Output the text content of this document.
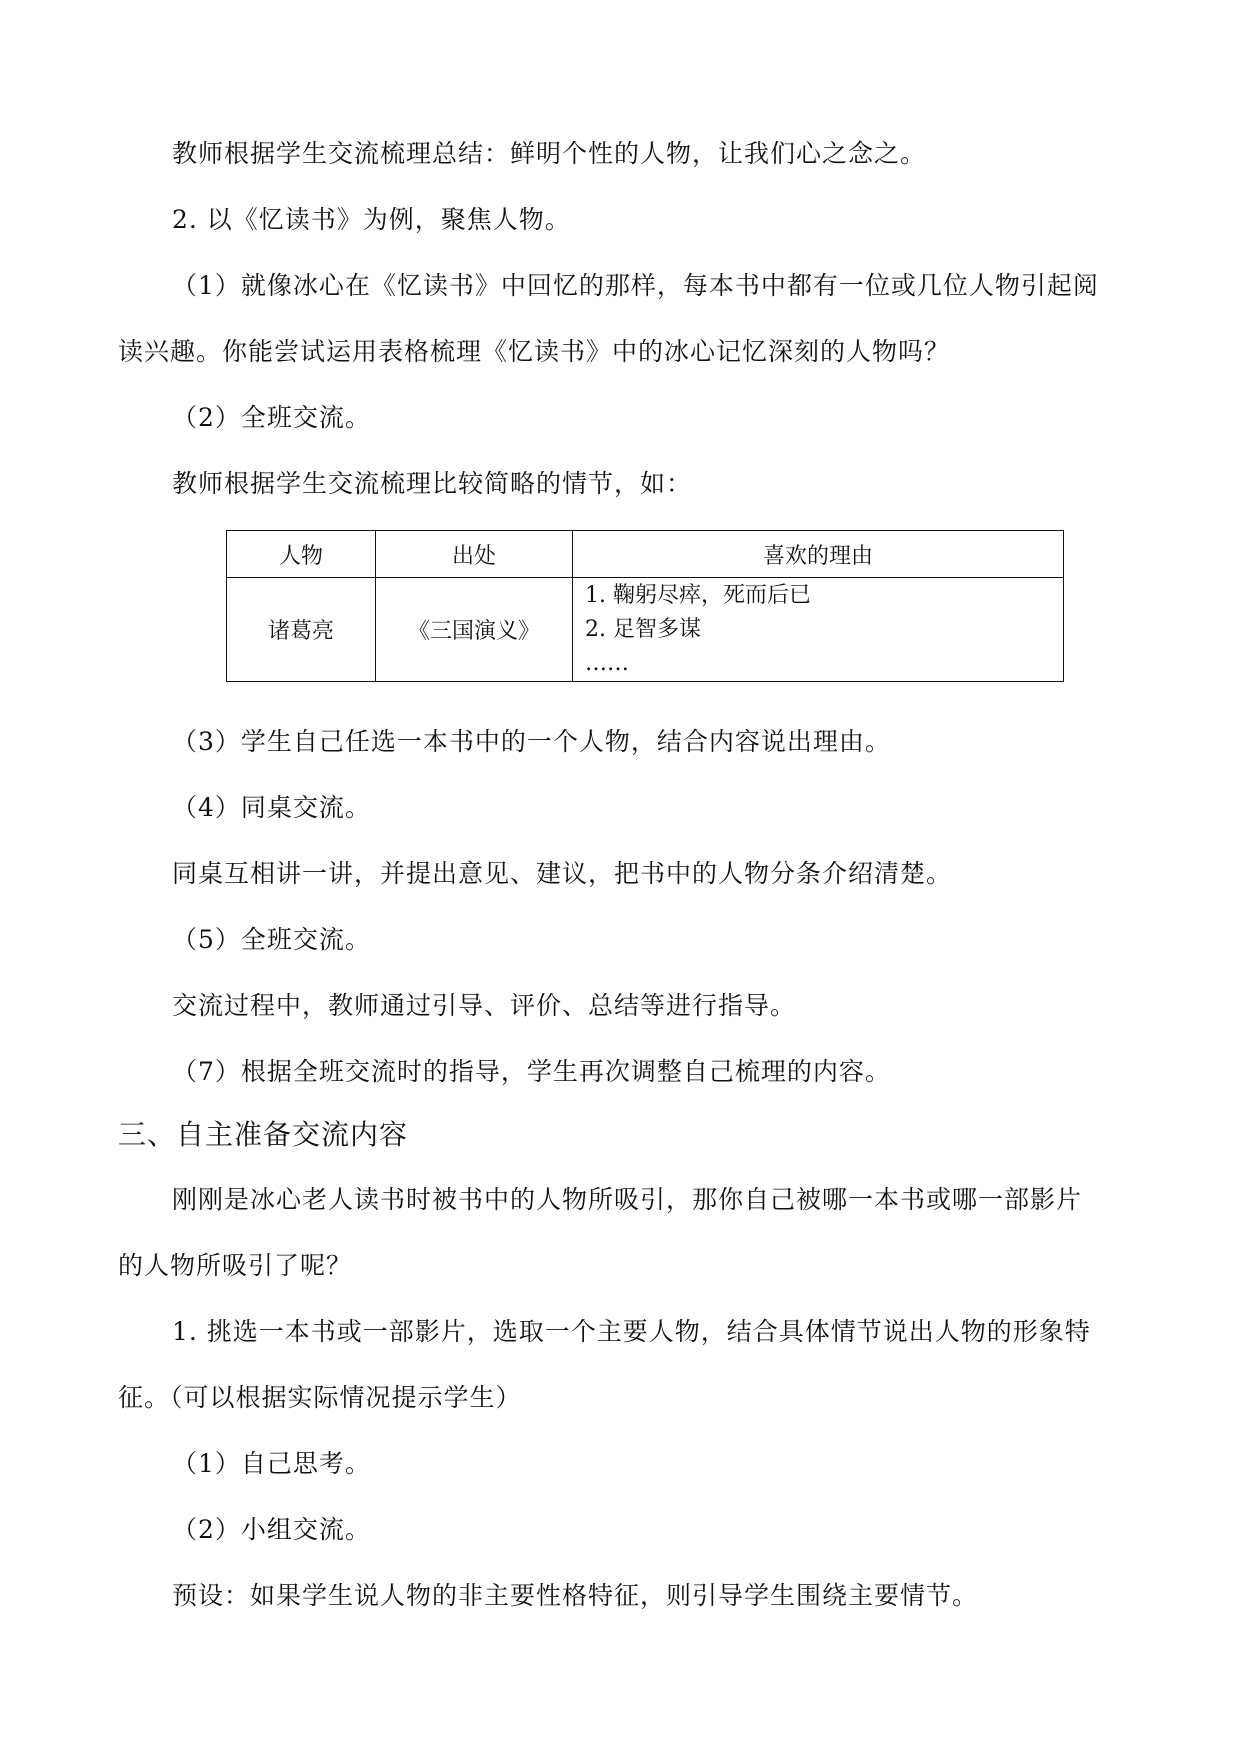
教师根据学生交流梳理总结：鲜明个性的人物，让我们心之念之。
2. 以《忆读书》为例，聚焦人物。
（1）就像冰心在《忆读书》中回忆的那样，每本书中都有一位或几位人物引起阅
读兴趣。你能尝试运用表格梳理《忆读书》中的冰心记忆深刻的人物吗？
（2）全班交流。
教师根据学生交流梳理比较简略的情节，如：
人物	出处	喜欢的理由
诸葛亮	《三国演义》	1. 鞠躬尽瘁，死而后已
2. 足智多谋
……
（3）学生自己任选一本书中的一个人物，结合内容说出理由。
（4）同桌交流。
同桌互相讲一讲，并提出意见、建议，把书中的人物分条介绍清楚。
（5）全班交流。
交流过程中，教师通过引导、评价、总结等进行指导。
（7）根据全班交流时的指导，学生再次调整自己梳理的内容。
三、自主准备交流内容
刚刚是冰心老人读书时被书中的人物所吸引，那你自己被哪一本书或哪一部影片
的人物所吸引了呢？
1. 挑选一本书或一部影片，选取一个主要人物，结合具体情节说出人物的形象特
征。（可以根据实际情况提示学生）
（1）自己思考。
（2）小组交流。
预设：如果学生说人物的非主要性格特征，则引导学生围绕主要情节。
